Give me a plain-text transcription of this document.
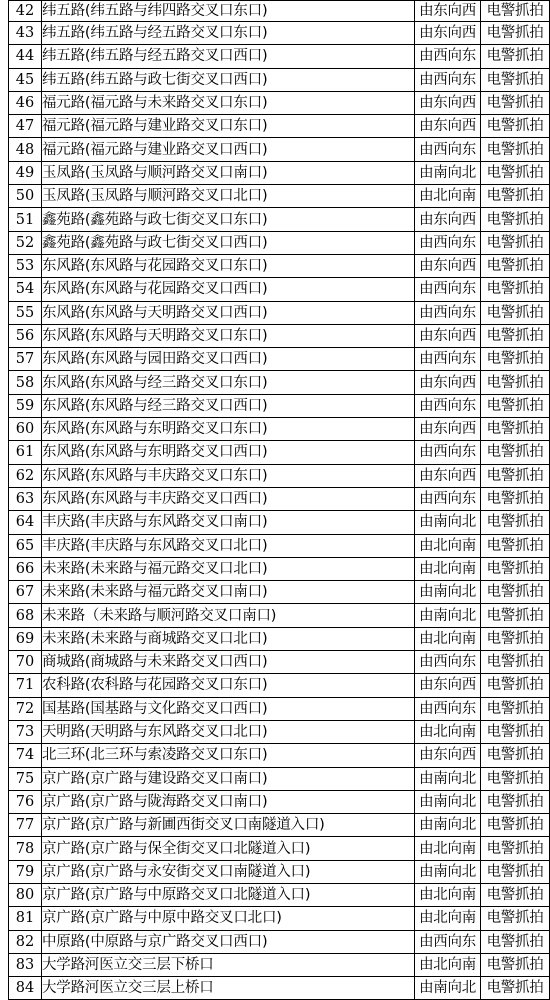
42	纬五路(纬五路与纬四路交叉口东口)	由东向西	电警抓拍
43	纬五路(纬五路与经五路交叉口东口)	由东向西	电警抓拍
44	纬五路(纬五路与经五路交叉口西口)	由西向东	电警抓拍
45	纬五路(纬五路与政七街交叉口西口)	由西向东	电警抓拍
46	福元路(福元路与未来路交叉口东口)	由东向西	电警抓拍
47	福元路(福元路与建业路交叉口东口)	由东向西	电警抓拍
48	福元路(福元路与建业路交叉口西口)	由西向东	电警抓拍
49	玉凤路(玉凤路与顺河路交叉口南口)	由南向北	电警抓拍
50	玉凤路(玉凤路与顺河路交叉口北口)	由北向南	电警抓拍
51	鑫苑路(鑫苑路与政七街交叉口东口)	由东向西	电警抓拍
52	鑫苑路(鑫苑路与政七街交叉口西口)	由西向东	电警抓拍
53	东风路(东风路与花园路交叉口东口)	由东向西	电警抓拍
54	东风路(东风路与花园路交叉口西口)	由西向东	电警抓拍
55	东风路(东风路与天明路交叉口西口)	由西向东	电警抓拍
56	东风路(东风路与天明路交叉口东口)	由东向西	电警抓拍
57	东风路(东风路与园田路交叉口西口)	由西向东	电警抓拍
58	东风路(东风路与经三路交叉口东口)	由东向西	电警抓拍
59	东风路(东风路与经三路交叉口西口)	由西向东	电警抓拍
60	东风路(东风路与东明路交叉口东口)	由东向西	电警抓拍
61	东风路(东风路与东明路交叉口西口)	由西向东	电警抓拍
62	东风路(东风路与丰庆路交叉口东口)	由东向西	电警抓拍
63	东风路(东风路与丰庆路交叉口西口)	由西向东	电警抓拍
64	丰庆路(丰庆路与东风路交叉口南口)	由南向北	电警抓拍
65	丰庆路(丰庆路与东风路交叉口北口)	由北向南	电警抓拍
66	未来路(未来路与福元路交叉口北口)	由北向南	电警抓拍
67	未来路(未来路与福元路交叉口南口)	由南向北	电警抓拍
68	未来路（未来路与顺河路交叉口南口)	由南向北	电警抓拍
69	未来路(未来路与商城路交叉口北口)	由北向南	电警抓拍
70	商城路(商城路与未来路交叉口西口)	由西向东	电警抓拍
71	农科路(农科路与花园路交叉口东口)	由东向西	电警抓拍
72	国基路(国基路与文化路交叉口西口)	由西向东	电警抓拍
73	天明路(天明路与东风路交叉口北口)	由北向南	电警抓拍
74	北三环(北三环与索凌路交叉口东口)	由东向西	电警抓拍
75	京广路(京广路与建设路交叉口南口)	由南向北	电警抓拍
76	京广路(京广路与陇海路交叉口南口)	由南向北	电警抓拍
77	京广路(京广路与新圃西街交叉口南隧道入口)	由南向北	电警抓拍
78	京广路(京广路与保全街交叉口北隧道入口)	由北向南	电警抓拍
79	京广路(京广路与永安街交叉口南隧道入口)	由南向北	电警抓拍
80	京广路(京广路与中原路交叉口北隧道入口)	由北向南	电警抓拍
81	京广路(京广路与中原中路交叉口北口)	由北向南	电警抓拍
82	中原路(中原路与京广路交叉口西口)	由西向东	电警抓拍
83	大学路河医立交三层下桥口	由北向南	电警抓拍
84	大学路河医立交三层上桥口	由南向北	电警抓拍
